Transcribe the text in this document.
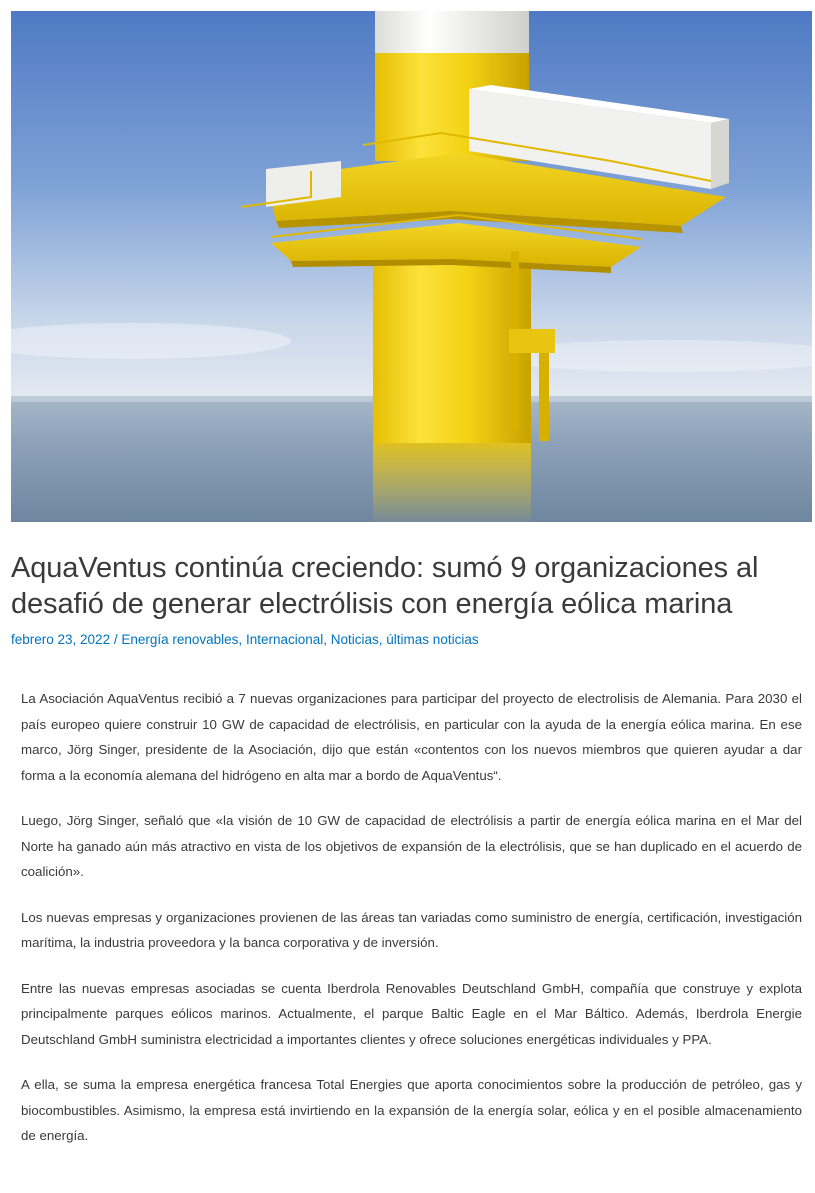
AquaVentus continúa creciendo: sumó 9 organizaciones al desafió de generar electrólisis con energía eólica marina
febrero 23, 2022 / Energía renovables, Internacional, Noticias, últimas noticias

La Asociación AquaVentus recibió a 7 nuevas organizaciones para participar del proyecto de electrolisis de Alemania. Para 2030 el país europeo quiere construir 10 GW de capacidad de electrólisis, en particular con la ayuda de la energía eólica marina. En ese marco, Jörg Singer, presidente de la Asociación, dijo que están «contentos con los nuevos miembros que quieren ayudar a dar forma a la economía alemana del hidrógeno en alta mar a bordo de AquaVentus“.

Luego, Jörg Singer, señaló que «la visión de 10 GW de capacidad de electrólisis a partir de energía eólica marina en el Mar del Norte ha ganado aún más atractivo en vista de los objetivos de expansión de la electrólisis, que se han duplicado en el acuerdo de coalición».

Los nuevas empresas y organizaciones provienen de las áreas tan variadas como suministro de energía, certificación, investigación marítima, la industria proveedora y la banca corporativa y de inversión.

Entre las nuevas empresas asociadas se cuenta Iberdrola Renovables Deutschland GmbH, compañía que construye y explota principalmente parques eólicos marinos. Actualmente, el parque Baltic Eagle en el Mar Báltico. Además, Iberdrola Energie Deutschland GmbH suministra electricidad a importantes clientes y ofrece soluciones energéticas individuales y PPA.

A ella, se suma la empresa energética francesa Total Energies que aporta conocimientos sobre la producción de petróleo, gas y biocombustibles. Asimismo, la empresa está invirtiendo en la expansión de la energía solar, eólica y en el posible almacenamiento de energía.
